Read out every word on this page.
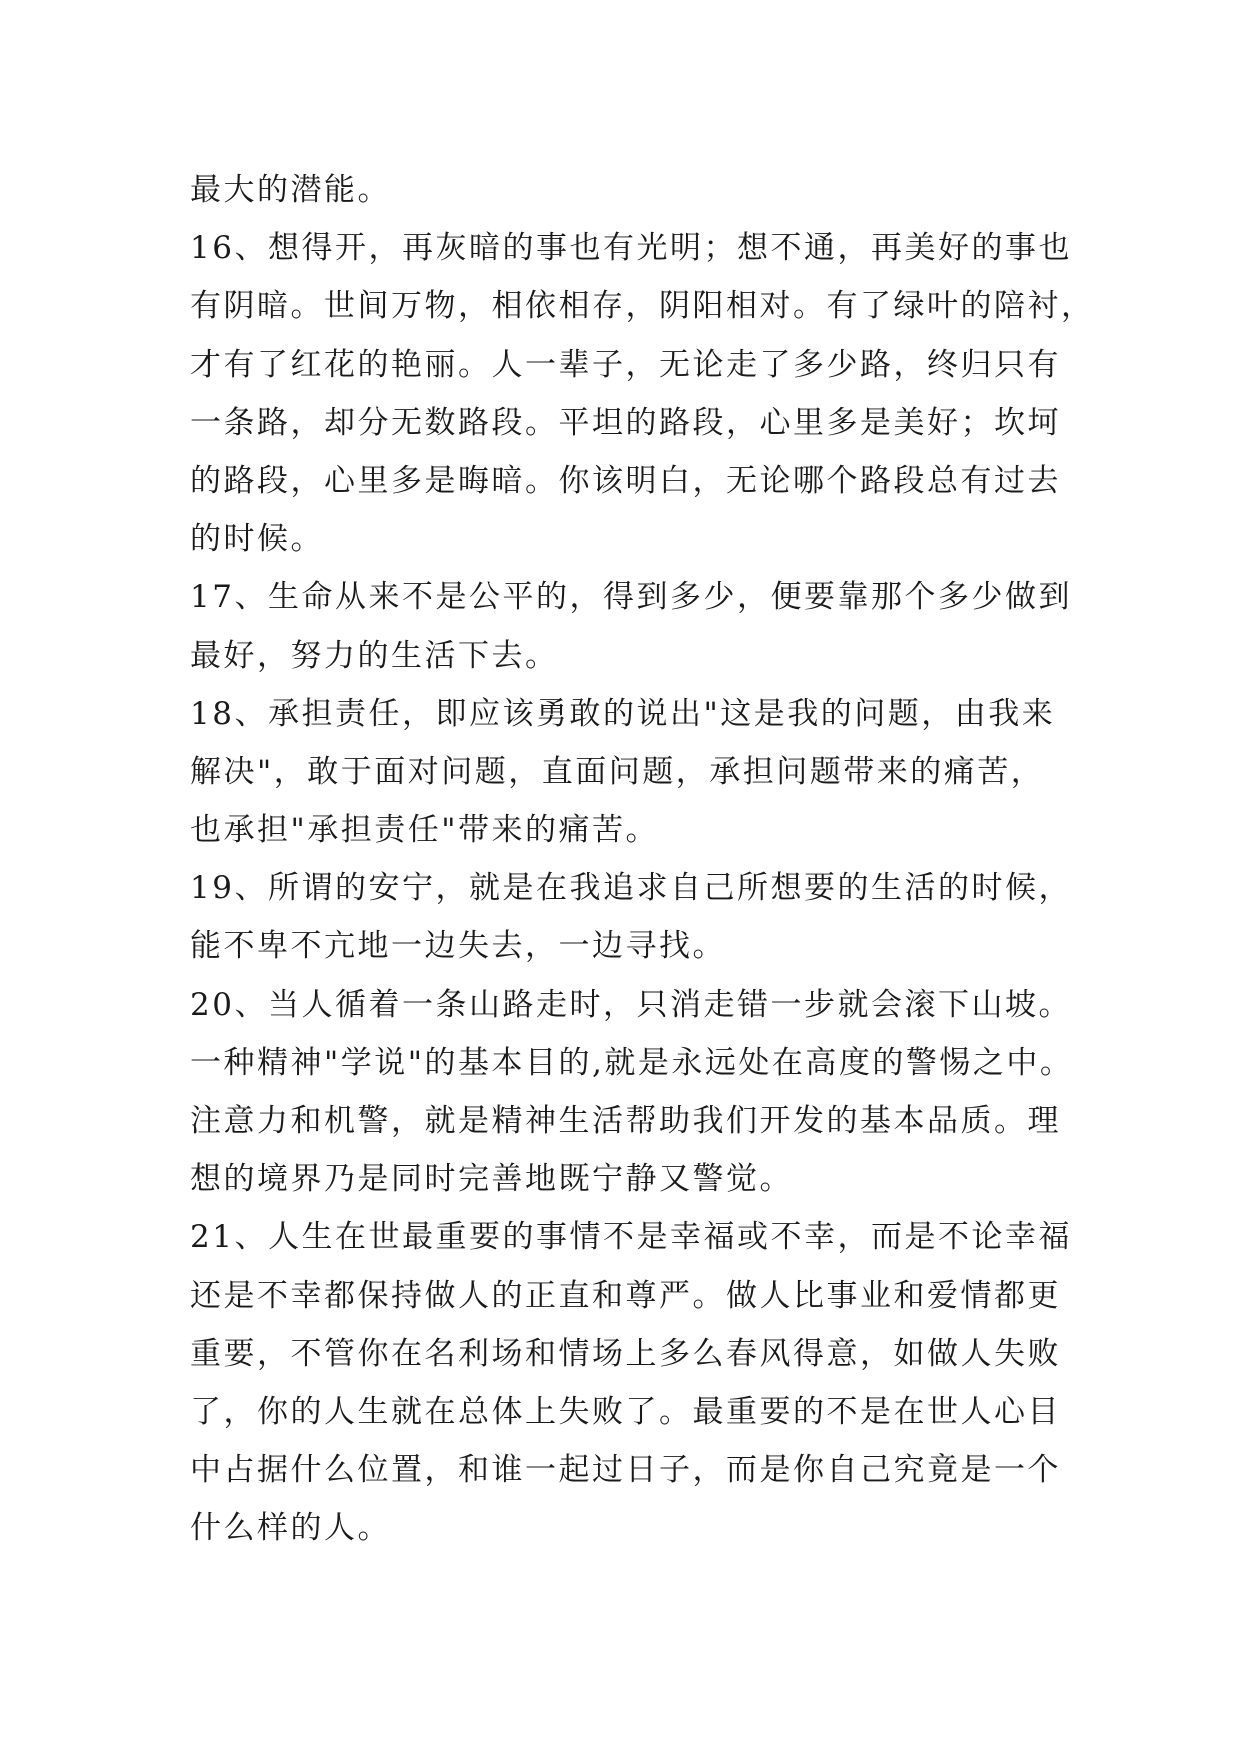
最大的潜能。
16、想得开，再灰暗的事也有光明；想不通，再美好的事也
有阴暗。世间万物，相依相存，阴阳相对。有了绿叶的陪衬，
才有了红花的艳丽。人一辈子，无论走了多少路，终归只有
一条路，却分无数路段。平坦的路段，心里多是美好；坎坷
的路段，心里多是晦暗。你该明白，无论哪个路段总有过去
的时候。
17、生命从来不是公平的，得到多少，便要靠那个多少做到
最好，努力的生活下去。
18、承担责任，即应该勇敢的说出"这是我的问题，由我来
解决"，敢于面对问题，直面问题，承担问题带来的痛苦，
也承担"承担责任"带来的痛苦。
19、所谓的安宁，就是在我追求自己所想要的生活的时候，
能不卑不亢地一边失去，一边寻找。
20、当人循着一条山路走时，只消走错一步就会滚下山坡。
一种精神"学说"的基本目的,就是永远处在高度的警惕之中。
注意力和机警，就是精神生活帮助我们开发的基本品质。理
想的境界乃是同时完善地既宁静又警觉。
21、人生在世最重要的事情不是幸福或不幸，而是不论幸福
还是不幸都保持做人的正直和尊严。做人比事业和爱情都更
重要，不管你在名利场和情场上多么春风得意，如做人失败
了，你的人生就在总体上失败了。最重要的不是在世人心目
中占据什么位置，和谁一起过日子，而是你自己究竟是一个
什么样的人。
